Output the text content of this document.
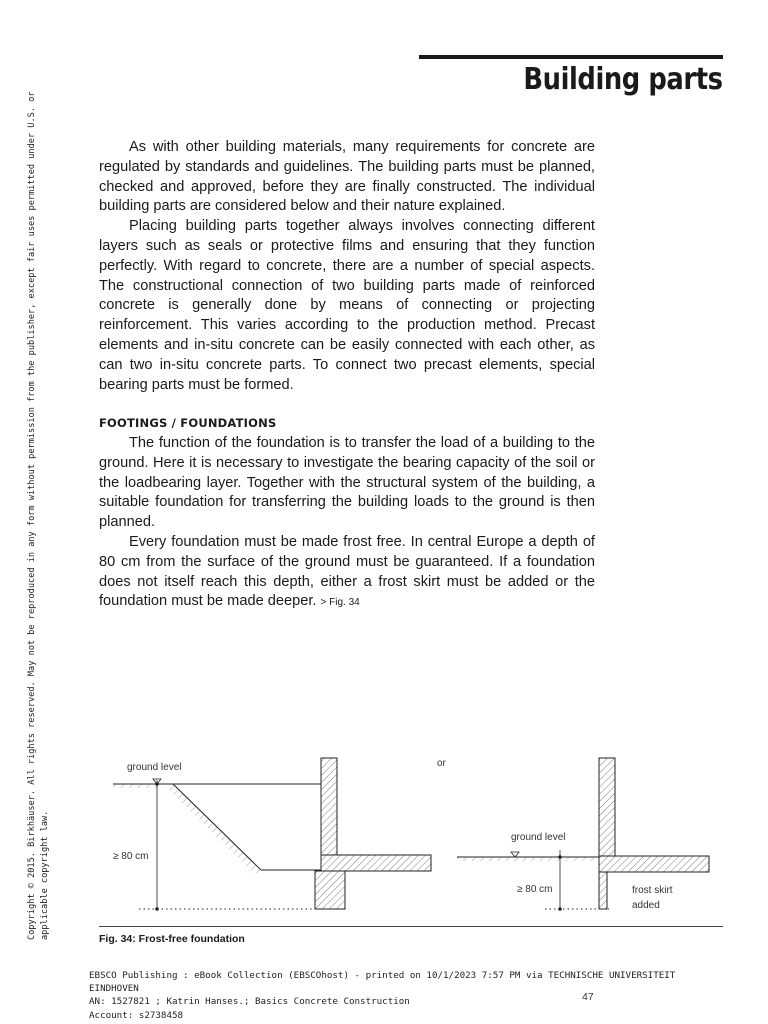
Building parts
Copyright © 2015. Birkhäuser. All rights reserved. May not be reproduced in any form without permission from the publisher, except fair uses permitted under U.S. or applicable copyright law.

As with other building materials, many requirements for concrete are regulated by standards and guidelines. The building parts must be planned, checked and approved, before they are finally constructed. The individual building parts are considered below and their nature explained.

Placing building parts together always involves connecting different layers such as seals or protective films and ensuring that they function perfectly. With regard to concrete, there are a number of special aspects. The constructional connection of two building parts made of reinforced concrete is generally done by means of connecting or projecting reinforcement. This varies according to the production method. Precast elements and in-situ concrete can be easily connected with each other, as can two in-situ concrete parts. To connect two precast elements, special bearing parts must be formed.

FOOTINGS / FOUNDATIONS

The function of the foundation is to transfer the load of a building to the ground. Here it is necessary to investigate the bearing capacity of the soil or the loadbearing layer. Together with the structural system of the building, a suitable foundation for transferring the building loads to the ground is then planned.

Every foundation must be made frost free. In central Europe a depth of 80 cm from the surface of the ground must be guaranteed. If a foundation does not itself reach this depth, either a frost skirt must be added or the foundation must be made deeper. > Fig. 34

ground level
≥ 80 cm
or
ground level
≥ 80 cm	frost skirt
added
Fig. 34: Frost-free foundation
EBSCO Publishing : eBook Collection (EBSCOhost) - printed on 10/1/2023 7:57 PM via TECHNISCHE UNIVERSITEIT
EINDHOVEN
AN: 1527821 ; Katrin Hanses.; Basics Concrete Construction
Account: s2738458
47
